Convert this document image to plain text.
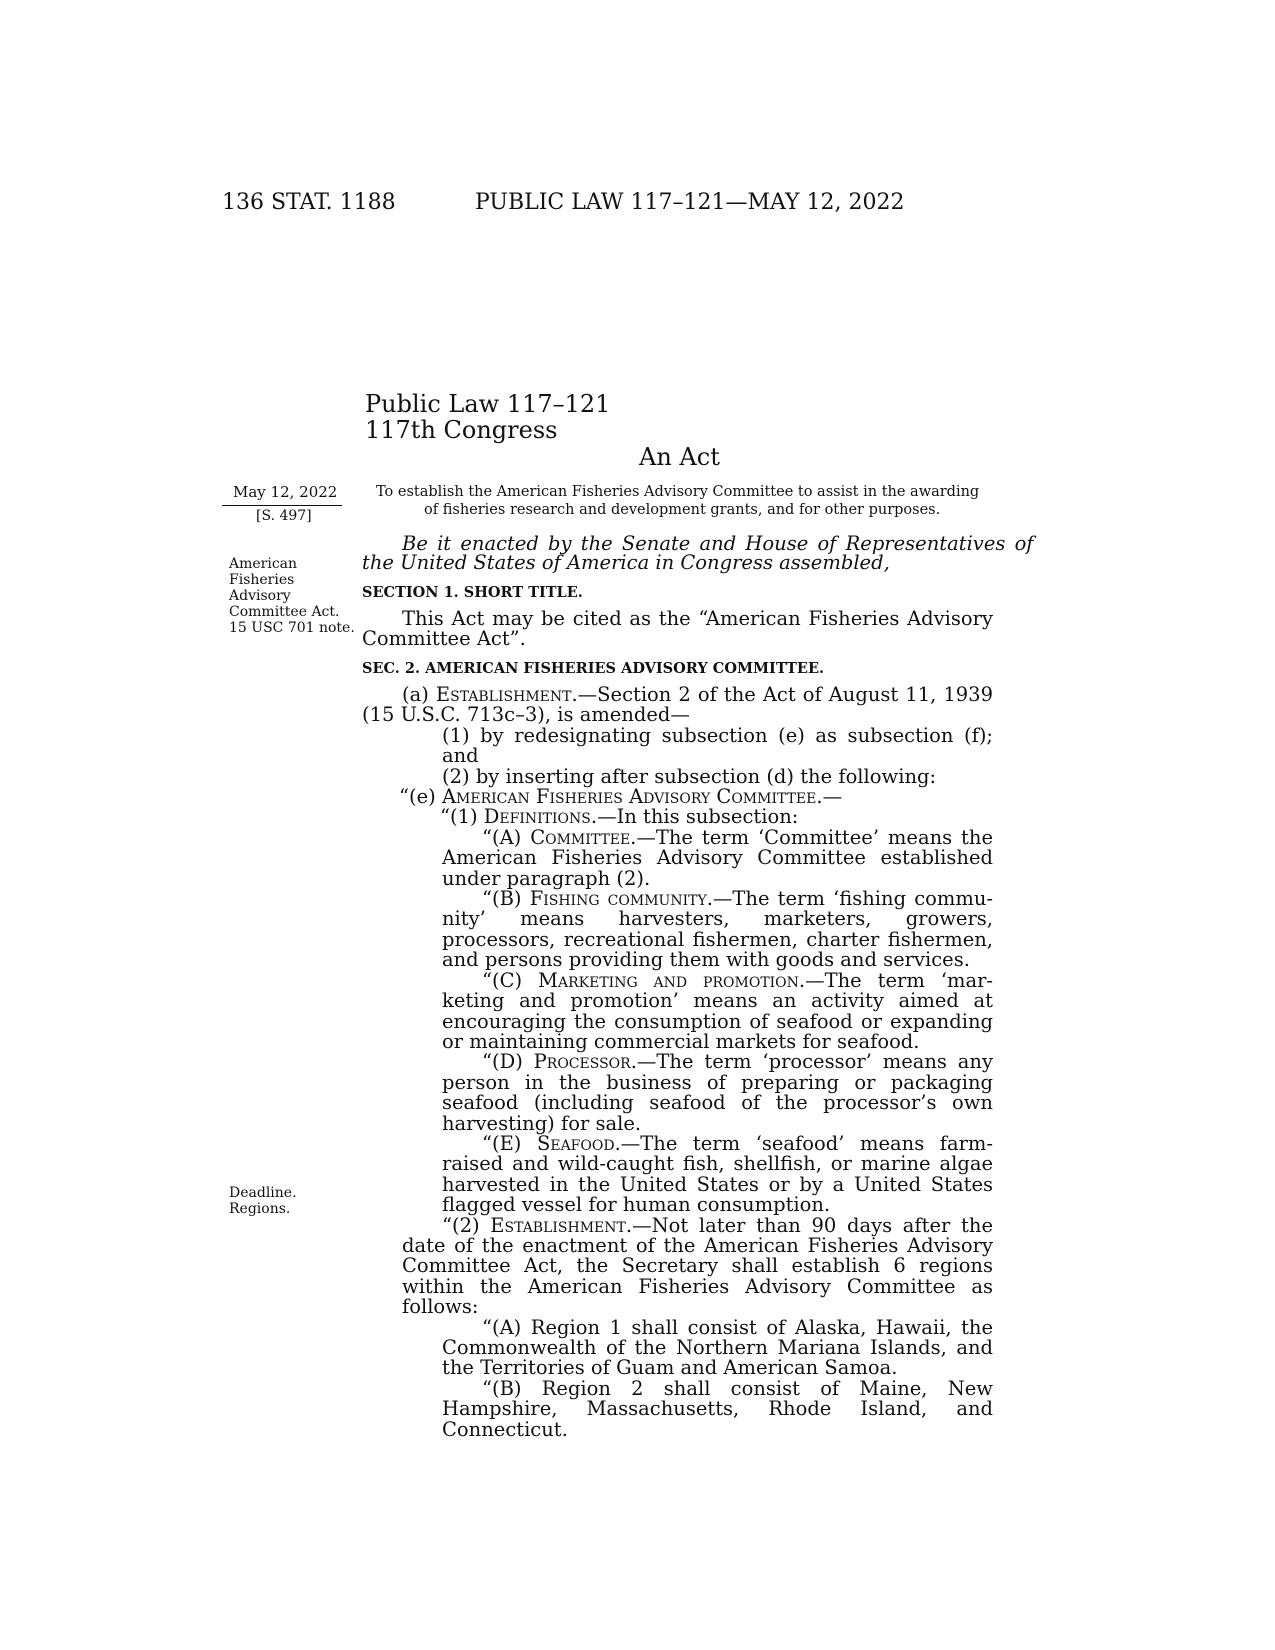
136 STAT. 1188	PUBLIC LAW 117–121—MAY 12, 2022
Public Law 117–121
117th Congress
An Act
May 12, 2022
[S. 497]
To establish the American Fisheries Advisory Committee to assist in the awarding
of fisheries research and development grants, and for other purposes.
American
Fisheries
Advisory
Committee Act.
15 USC 701 note.
Deadline.
Regions.
Be it enacted by the Senate and House of Representatives of
the United States of America in Congress assembled,

SECTION 1. SHORT TITLE.

This Act may be cited as the “American Fisheries Advisory Committee Act”.

SEC. 2. AMERICAN FISHERIES ADVISORY COMMITTEE.

(a) Establishment.—Section 2 of the Act of August 11, 1939 (15 U.S.C. 713c–3), is amended—

(1) by redesignating subsection (e) as subsection (f); and

(2) by inserting after subsection (d) the following:

“(e) American Fisheries Advisory Committee.—

“(1) Definitions.—In this subsection:

“(A) Committee.—The term ‘Committee’ means the American Fisheries Advisory Committee established under paragraph (2).

“(B) Fishing community.—The term ‘fishing community’ means harvesters, marketers, growers, processors, recreational fishermen, charter fishermen, and persons providing them with goods and services.

“(C) Marketing and promotion.—The term ‘marketing and promotion’ means an activity aimed at encouraging the consumption of seafood or expanding or maintaining commercial markets for seafood.

“(D) Processor.—The term ‘processor’ means any person in the business of preparing or packaging seafood (including seafood of the processor’s own harvesting) for sale.

“(E) Seafood.—The term ‘seafood’ means farm-raised and wild-caught fish, shellfish, or marine algae harvested in the United States or by a United States flagged vessel for human consumption.

“(2) Establishment.—Not later than 90 days after the date of the enactment of the American Fisheries Advisory Committee Act, the Secretary shall establish 6 regions within the American Fisheries Advisory Committee as follows:

“(A) Region 1 shall consist of Alaska, Hawaii, the Commonwealth of the Northern Mariana Islands, and the Territories of Guam and American Samoa.

“(B) Region 2 shall consist of Maine, New Hampshire, Massachusetts, Rhode Island, and Connecticut.
